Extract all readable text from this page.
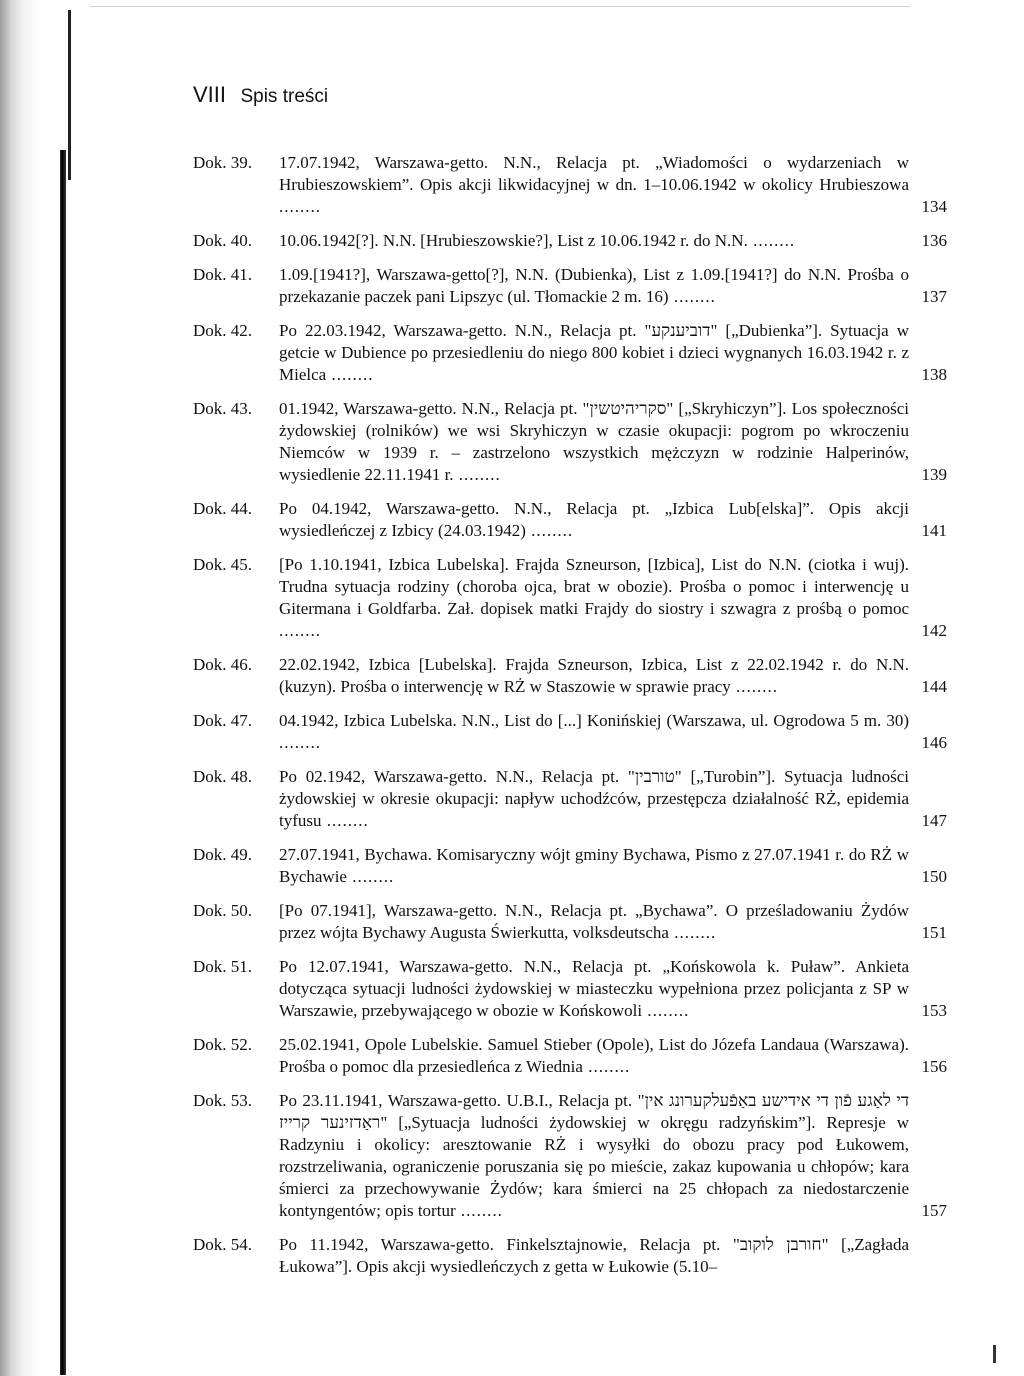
VIII Spis treści
Dok. 39. 17.07.1942, Warszawa-getto. N.N., Relacja pt. „Wiadomości o wydarzeniach w Hrubieszowskiem”. Opis akcji likwidacyjnej w dn. 1–10.06.1942 w okolicy Hrubieszowa ........	134
Dok. 40. 10.06.1942[?]. N.N. [Hrubieszowskie?], List z 10.06.1942 r. do N.N. ........	136
Dok. 41. 1.09.[1941?], Warszawa-getto[?], N.N. (Dubienka), List z 1.09.[1941?] do N.N. Prośba o przekazanie paczek pani Lipszyc (ul. Tłomackie 2 m. 16) ........	137
Dok. 42. Po 22.03.1942, Warszawa-getto. N.N., Relacja pt. "דוביענקע" [„Dubienka”]. Sytuacja w getcie w Dubience po przesiedleniu do niego 800 kobiet i dzieci wygnanych 16.03.1942 r. z Mielca ........	138
Dok. 43. 01.1942, Warszawa-getto. N.N., Relacja pt. "סקריהיטשין" [„Skryhiczyn”]. Los społeczności żydowskiej (rolników) we wsi Skryhiczyn w czasie okupacji: pogrom po wkroczeniu Niemców w 1939 r. – zastrzelono wszystkich mężczyzn w rodzinie Halperinów, wysiedlenie 22.11.1941 r. ........	139
Dok. 44. Po 04.1942, Warszawa-getto. N.N., Relacja pt. „Izbica Lub[elska]”. Opis akcji wysiedleńczej z Izbicy (24.03.1942) ........	141
Dok. 45. [Po 1.10.1941, Izbica Lubelska]. Frajda Szneurson, [Izbica], List do N.N. (ciotka i wuj). Trudna sytuacja rodziny (choroba ojca, brat w obozie). Prośba o pomoc i interwencję u Gitermana i Goldfarba. Zał. dopisek matki Frajdy do siostry i szwagra z prośbą o pomoc ........	142
Dok. 46. 22.02.1942, Izbica [Lubelska]. Frajda Szneurson, Izbica, List z 22.02.1942 r. do N.N. (kuzyn). Prośba o interwencję w RŻ w Staszowie w sprawie pracy ........	144
Dok. 47. 04.1942, Izbica Lubelska. N.N., List do [...] Konińskiej (Warszawa, ul. Ogrodowa 5 m. 30) ........	146
Dok. 48. Po 02.1942, Warszawa-getto. N.N., Relacja pt. "טורבין" [„Turobin”]. Sytuacja ludności żydowskiej w okresie okupacji: napływ uchodźców, przestępcza działalność RŻ, epidemia tyfusu ........	147
Dok. 49. 27.07.1941, Bychawa. Komisaryczny wójt gminy Bychawa, Pismo z 27.07.1941 r. do RŻ w Bychawie ........	150
Dok. 50. [Po 07.1941], Warszawa-getto. N.N., Relacja pt. „Bychawa”. O prześladowaniu Żydów przez wójta Bychawy Augusta Świerkutta, volksdeutscha ........	151
Dok. 51. Po 12.07.1941, Warszawa-getto. N.N., Relacja pt. „Końskowola k. Puław”. Ankieta dotycząca sytuacji ludności żydowskiej w miasteczku wypełniona przez policjanta z SP w Warszawie, przebywającego w obozie w Końskowoli ........	153
Dok. 52. 25.02.1941, Opole Lubelskie. Samuel Stieber (Opole), List do Józefa Landaua (Warszawa). Prośba o pomoc dla przesiedleńca z Wiednia ........	156
Dok. 53. Po 23.11.1941, Warszawa-getto. U.B.I., Relacja pt. "די לאַגע פֿון די אידישע באַפֿעלקערונג אין ראַדזינער קרייז" [„Sytuacja ludności żydowskiej w okręgu radzyńskim”]. Represje w Radzyniu i okolicy: aresztowanie RŻ i wysyłki do obozu pracy pod Łukowem, rozstrzeliwania, ograniczenie poruszania się po mieście, zakaz kupowania u chłopów; kara śmierci za przechowywanie Żydów; kara śmierci na 25 chłopach za niedostarczenie kontyngentów; opis tortur ........	157
Dok. 54. Po 11.1942, Warszawa-getto. Finkelsztajnowie, Relacja pt. "חורבן לוקוב" [„Zagłada Łukowa”]. Opis akcji wysiedleńczych z getta w Łukowie (5.10–
